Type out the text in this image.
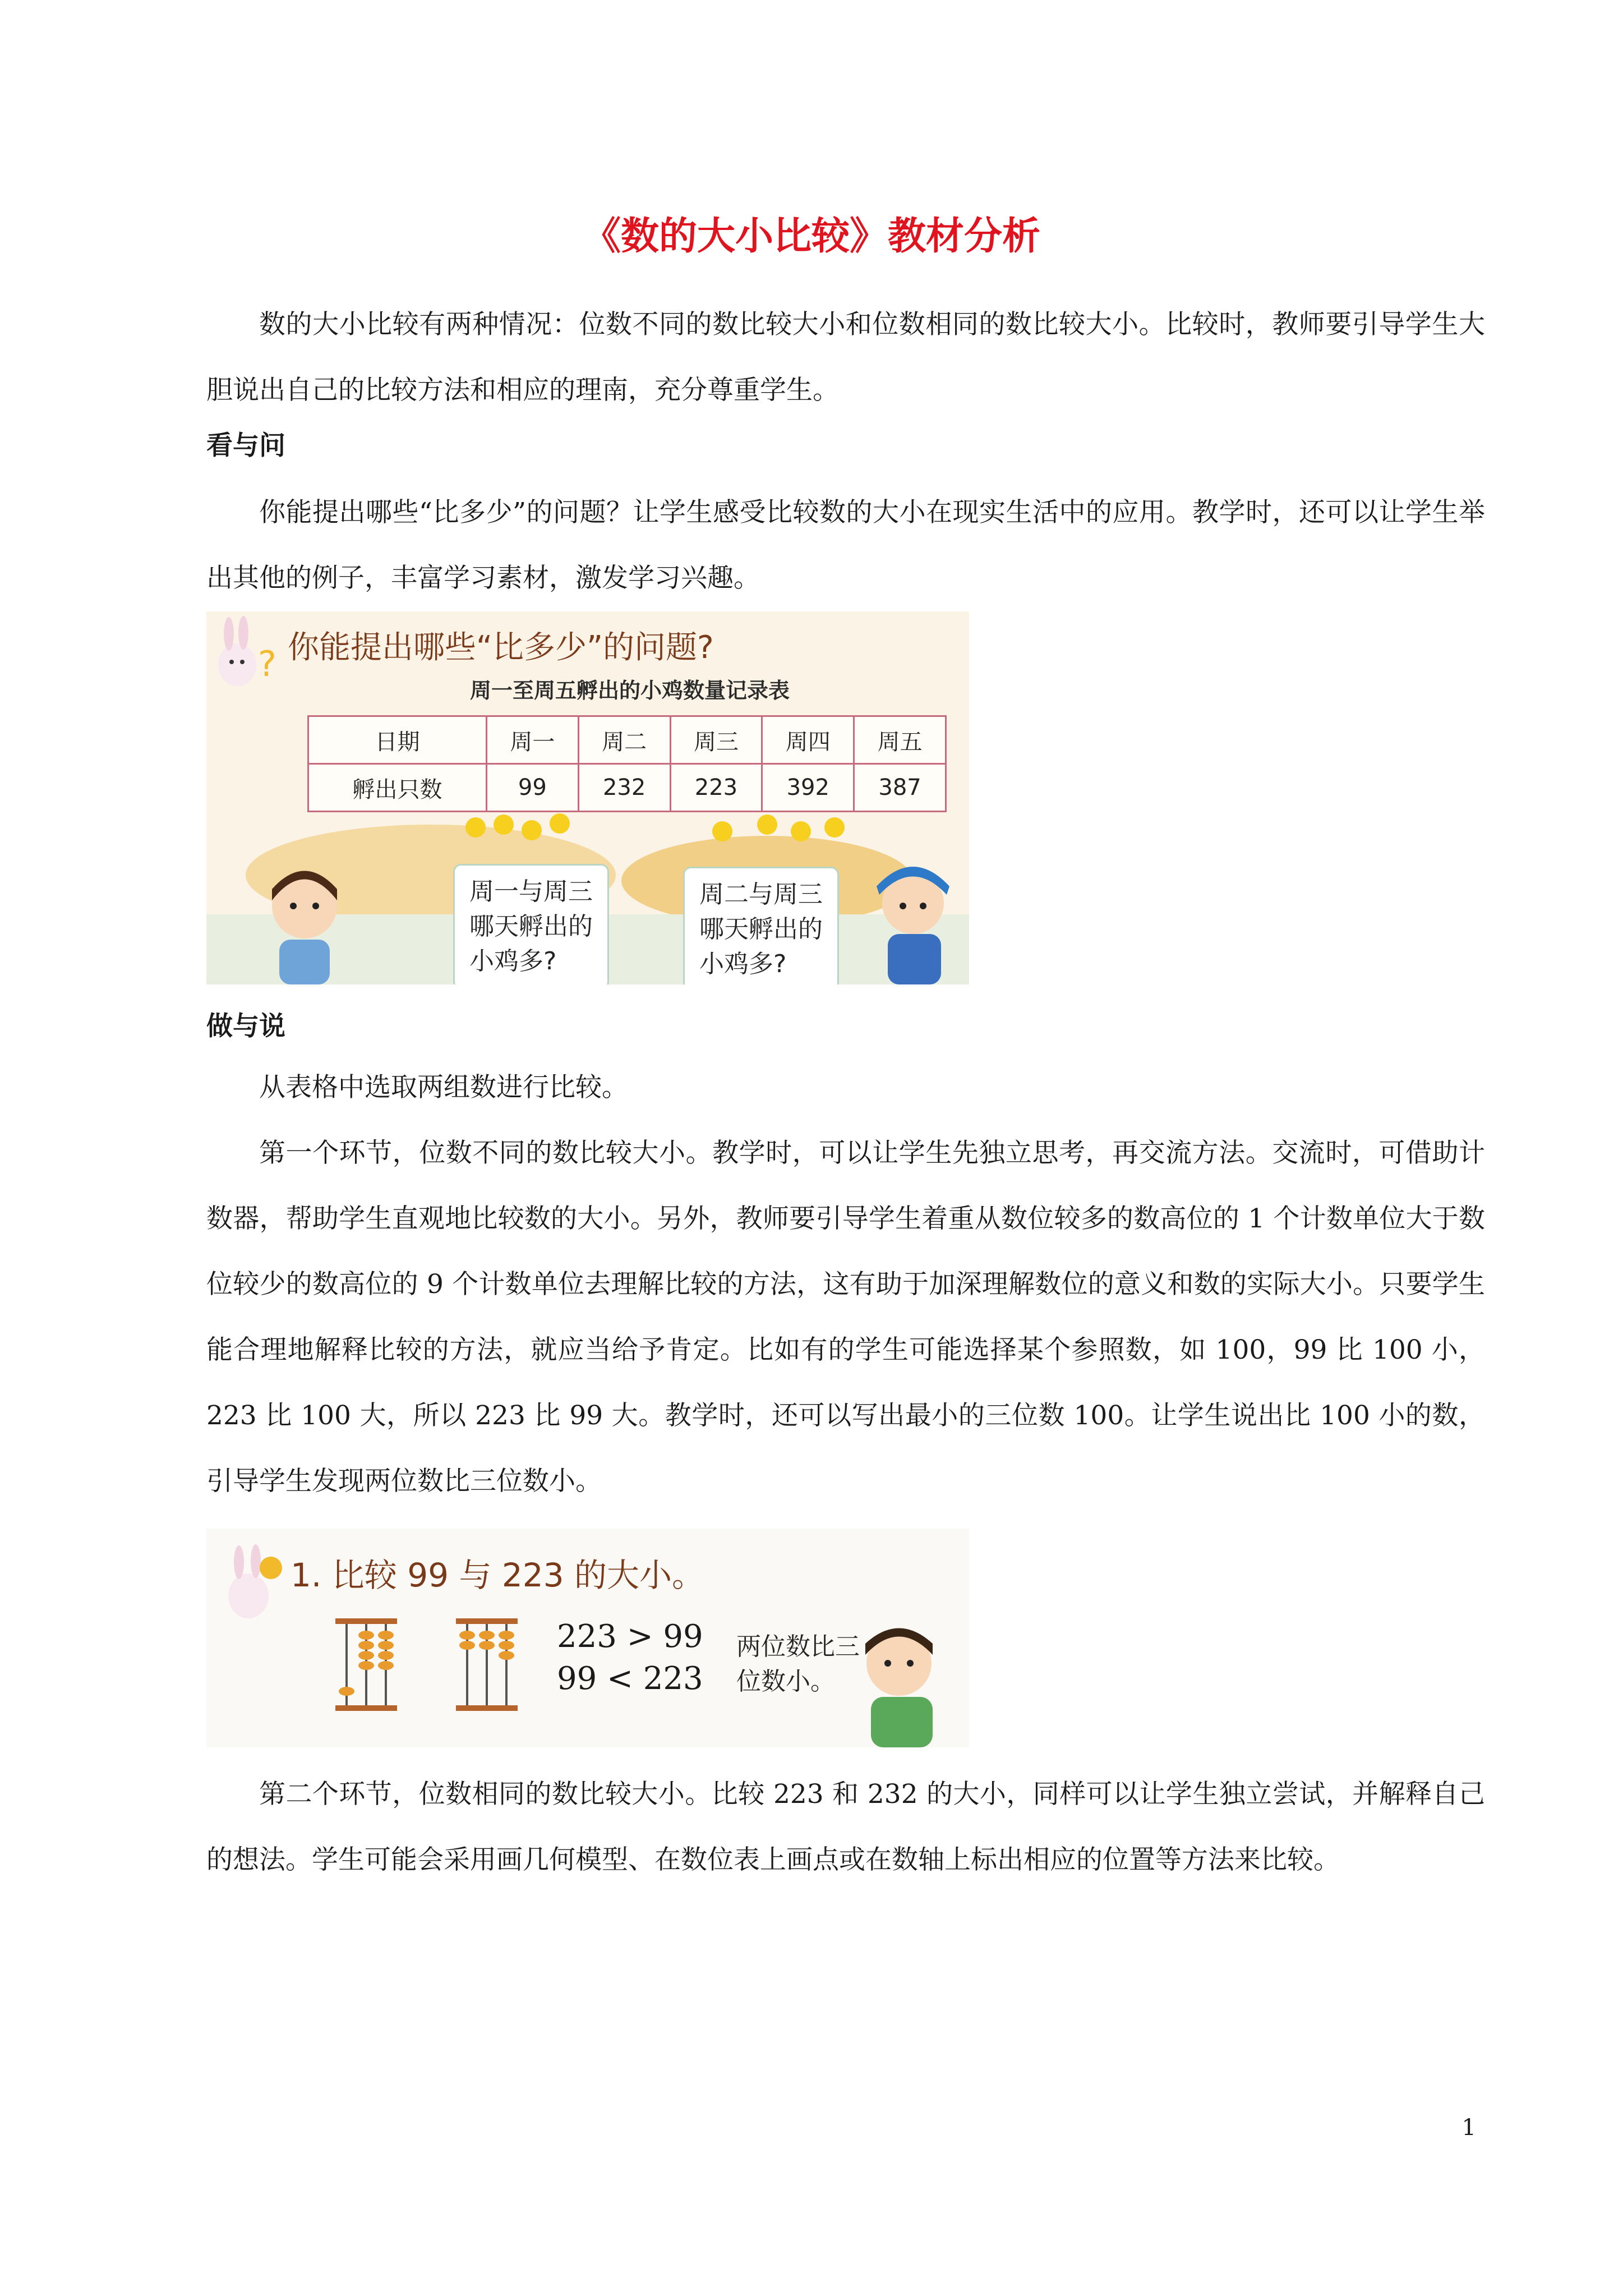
《数的大小比较》教材分析

数的大小比较有两种情况：位数不同的数比较大小和位数相同的数比较大小。比较时，教师要引导学生大胆说出自己的比较方法和相应的理南，充分尊重学生。

看与问

你能提出哪些“比多少”的问题？让学生感受比较数的大小在现实生活中的应用。教学时，还可以让学生举出其他的例子，丰富学习素材，激发学习兴趣。

? 你能提出哪些“比多少”的问题?
周一至周五孵出的小鸡数量记录表
日期	周一	周二	周三	周四	周五
孵出只数	99	232	223	392	387
周一与周三
哪天孵出的
小鸡多?
周二与周三
哪天孵出的
小鸡多?
做与说

从表格中选取两组数进行比较。

第一个环节，位数不同的数比较大小。教学时，可以让学生先独立思考，再交流方法。交流时，可借助计数器，帮助学生直观地比较数的大小。另外，教师要引导学生着重从数位较多的数高位的 1 个计数单位大于数位较少的数高位的 9 个计数单位去理解比较的方法，这有助于加深理解数位的意义和数的实际大小。只要学生能合理地解释比较的方法，就应当给予肯定。比如有的学生可能选择某个参照数，如 100，99 比 100 小，223 比 100 大，所以 223 比 99 大。教学时，还可以写出最小的三位数 100。让学生说出比 100 小的数，引导学生发现两位数比三位数小。

1. 比较 99 与 223 的大小。
223 > 99
99 < 223
两位数比三
位数小。

第二个环节，位数相同的数比较大小。比较 223 和 232 的大小，同样可以让学生独立尝试，并解释自己的想法。学生可能会采用画几何模型、在数位表上画点或在数轴上标出相应的位置等方法来比较。

1
